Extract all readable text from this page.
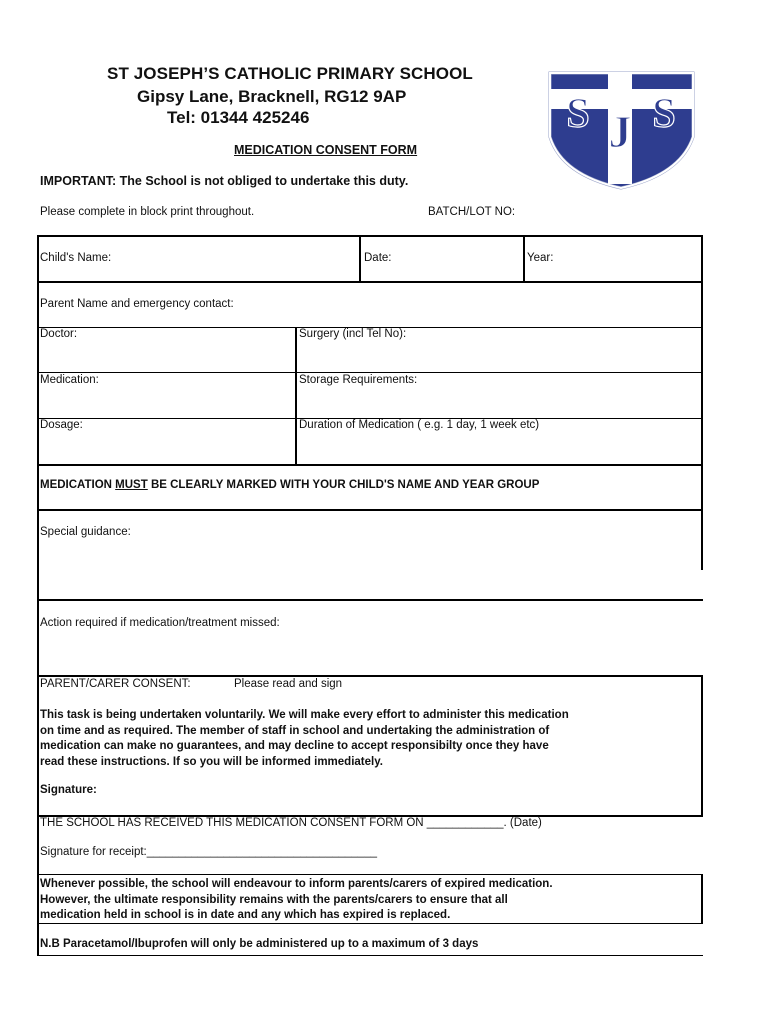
ST JOSEPH’S CATHOLIC PRIMARY SCHOOL
Gipsy Lane, Bracknell, RG12 9AP
Tel: 01344 425246	S J S
MEDICATION CONSENT FORM
IMPORTANT: The School is not obliged to undertake this duty.
Please complete in block print throughout.	BATCH/LOT NO:
Child's Name:	Date:	Year:
Parent Name and emergency contact:
Doctor:	Surgery (incl Tel No):
Medication:	Storage Requirements:
Dosage:	Duration of Medication ( e.g. 1 day, 1 week etc)
MEDICATION MUST BE CLEARLY MARKED WITH YOUR CHILD'S NAME AND YEAR GROUP
Special guidance:
Action required if medication/treatment missed:
PARENT/CARER CONSENT:	Please read and sign
This task is being undertaken voluntarily. We will make every effort to administer this medication
on time and as required. The member of staff in school and undertaking the administration of
medication can make no guarantees, and may decline to accept responsibilty once they have
read these instructions. If so you will be informed immediately.
Signature:
THE SCHOOL HAS RECEIVED THIS MEDICATION CONSENT FORM ON ____________. (Date)
Signature for receipt:____________________________________
Whenever possible, the school will endeavour to inform parents/carers of expired medication.
However, the ultimate responsibility remains with the parents/carers to ensure that all
medication held in school is in date and any which has expired is replaced.
N.B Paracetamol/Ibuprofen will only be administered up to a maximum of 3 days
